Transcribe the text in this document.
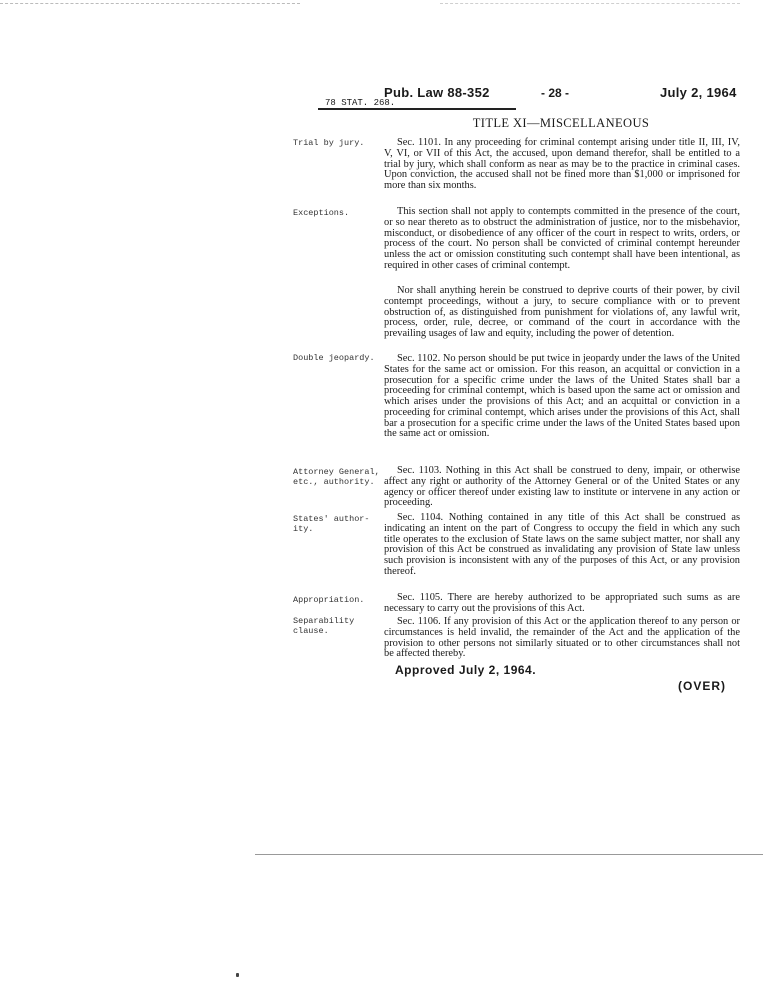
Pub. Law 88-352	- 28 -	July 2, 1964
78 STAT. 268.
TITLE XI—MISCELLANEOUS
Trial by jury.
Exceptions.
Double jeopardy.
Attorney General,
etc., authority.
States' author-
ity.
Appropriation.
Separability
clause.

Sec. 1101. In any proceeding for criminal contempt arising under title II, III, IV, V, VI, or VII of this Act, the accused, upon demand therefor, shall be entitled to a trial by jury, which shall conform as near as may be to the practice in criminal cases. Upon conviction, the accused shall not be fined more than $1,000 or imprisoned for more than six months.

This section shall not apply to contempts committed in the presence of the court, or so near thereto as to obstruct the administration of justice, nor to the misbehavior, misconduct, or disobedience of any officer of the court in respect to writs, orders, or process of the court. No person shall be convicted of criminal contempt hereunder unless the act or omission constituting such contempt shall have been intentional, as required in other cases of criminal contempt.

Nor shall anything herein be construed to deprive courts of their power, by civil contempt proceedings, without a jury, to secure compliance with or to prevent obstruction of, as distinguished from punishment for violations of, any lawful writ, process, order, rule, decree, or command of the court in accordance with the prevailing usages of law and equity, including the power of detention.

Sec. 1102. No person should be put twice in jeopardy under the laws of the United States for the same act or omission. For this reason, an acquittal or conviction in a prosecution for a specific crime under the laws of the United States shall bar a proceeding for criminal contempt, which is based upon the same act or omission and which arises under the provisions of this Act; and an acquittal or conviction in a proceeding for criminal contempt, which arises under the provisions of this Act, shall bar a prosecution for a specific crime under the laws of the United States based upon the same act or omission.

Sec. 1103. Nothing in this Act shall be construed to deny, impair, or otherwise affect any right or authority of the Attorney General or of the United States or any agency or officer thereof under existing law to institute or intervene in any action or proceeding.

Sec. 1104. Nothing contained in any title of this Act shall be construed as indicating an intent on the part of Congress to occupy the field in which any such title operates to the exclusion of State laws on the same subject matter, nor shall any provision of this Act be construed as invalidating any provision of State law unless such provision is inconsistent with any of the purposes of this Act, or any provision thereof.

Sec. 1105. There are hereby authorized to be appropriated such sums as are necessary to carry out the provisions of this Act.

Sec. 1106. If any provision of this Act or the application thereof to any person or circumstances is held invalid, the remainder of the Act and the application of the provision to other persons not similarly situated or to other circumstances shall not be affected thereby.

Approved July 2, 1964.
(OVER)
